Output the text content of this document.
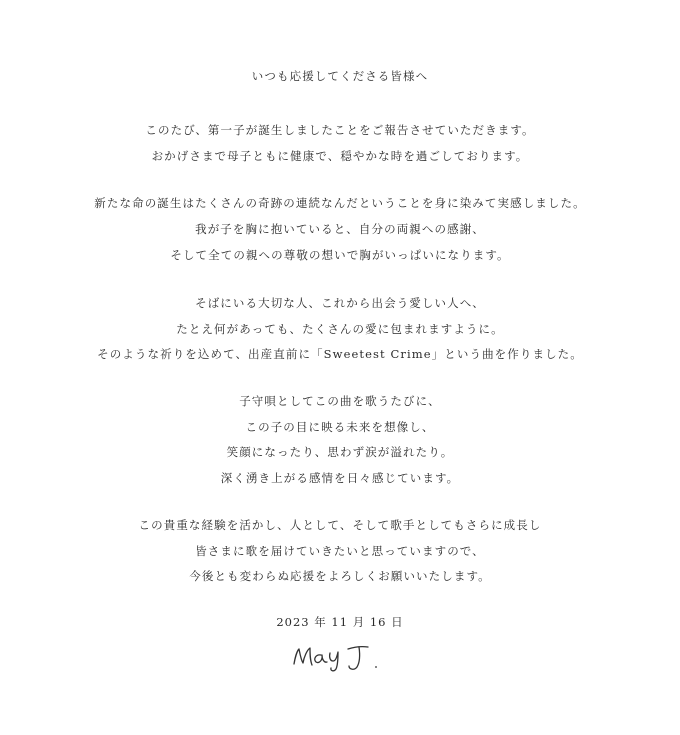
いつも応援してくださる皆様へ
このたび、第一子が誕生しましたことをご報告させていただきます。
おかげさまで母子ともに健康で、穏やかな時を過ごしております。
新たな命の誕生はたくさんの奇跡の連続なんだということを身に染みて実感しました。
我が子を胸に抱いていると、自分の両親への感謝、
そして全ての親への尊敬の想いで胸がいっぱいになります。
そばにいる大切な人、これから出会う愛しい人へ、
たとえ何があっても、たくさんの愛に包まれますように。
そのような祈りを込めて、出産直前に「Sweetest Crime」という曲を作りました。
子守唄としてこの曲を歌うたびに、
この子の目に映る未来を想像し、
笑顔になったり、思わず涙が溢れたり。
深く湧き上がる感情を日々感じています。
この貴重な経験を活かし、人として、そして歌手としてもさらに成長し
皆さまに歌を届けていきたいと思っていますので、
今後とも変わらぬ応援をよろしくお願いいたします。
2023 年 11 月 16 日
